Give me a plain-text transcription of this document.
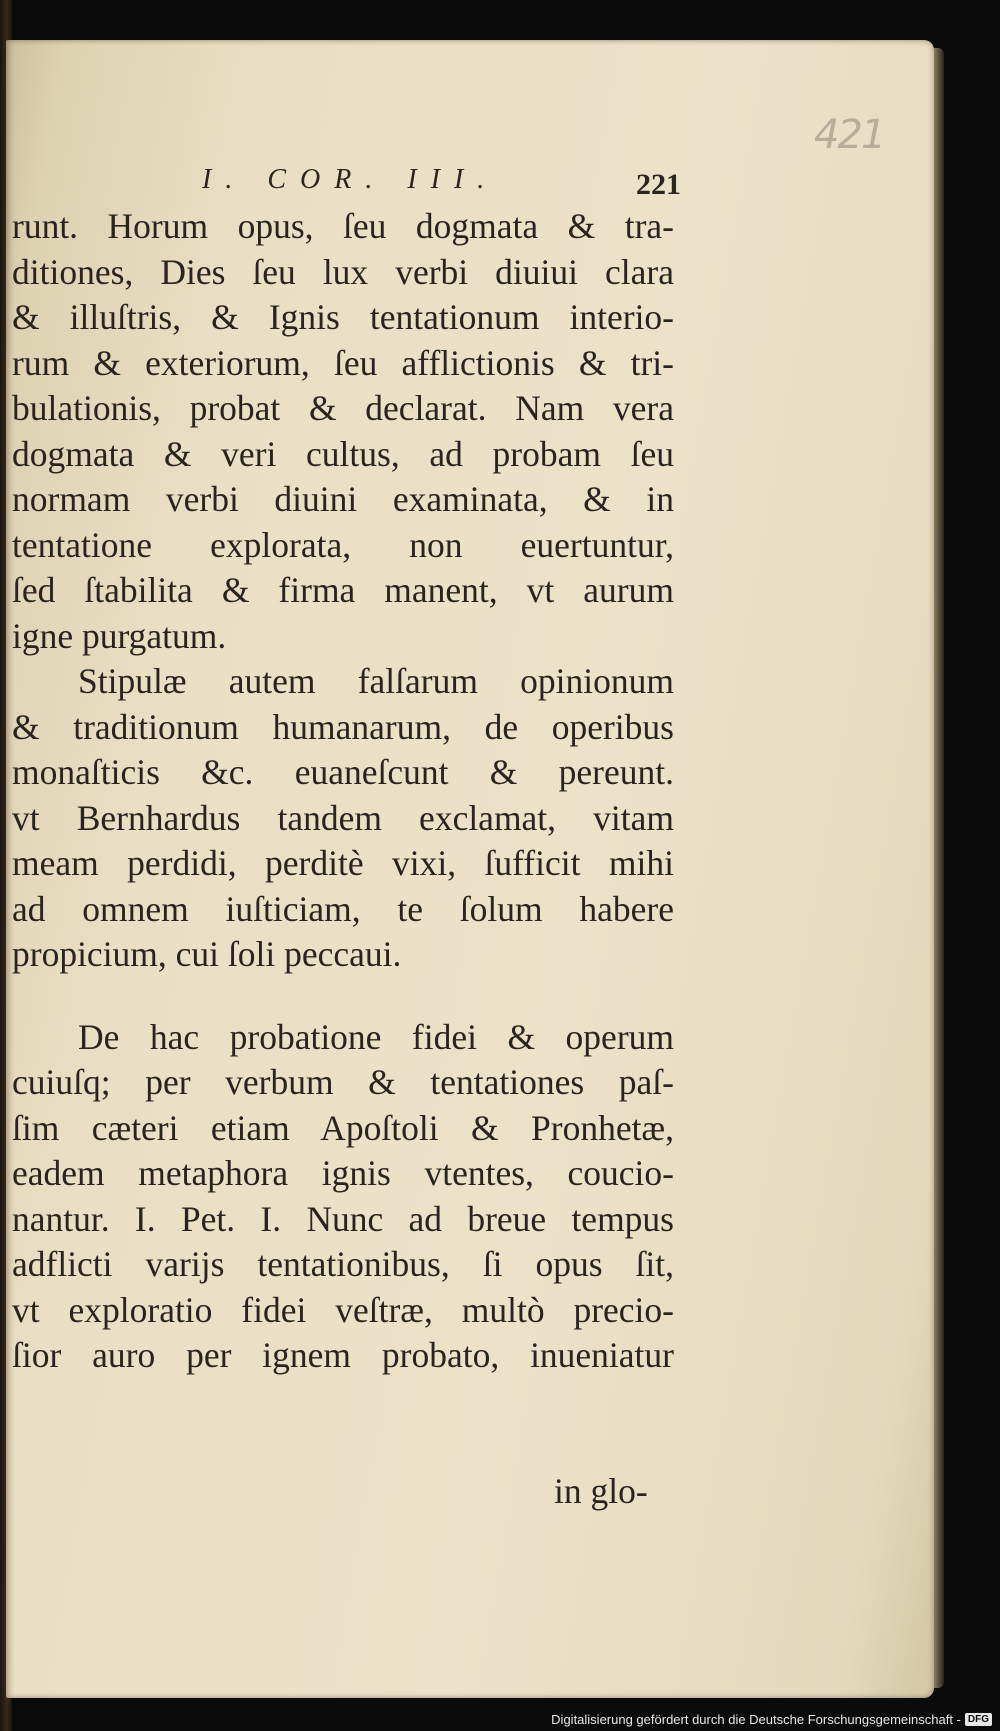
421
I. COR. III.	221
runt. Horum opus, ſeu dogmata & tra-
ditiones, Dies ſeu lux verbi diuiui clara
& illuſtris, & Ignis tentationum interio-
rum & exteriorum, ſeu afflictionis & tri-
bulationis, probat & declarat. Nam vera
dogmata & veri cultus, ad probam ſeu
normam verbi diuini examinata, & in
tentatione explorata, non euertuntur,
ſed ſtabilita & firma manent, vt aurum
igne purgatum.
Stipulæ autem falſarum opinionum
& traditionum humanarum, de operibus
monaſticis &c. euaneſcunt & pereunt.
vt Bernhardus tandem exclamat, vitam
meam perdidi, perditè vixi, ſufficit mihi
ad omnem iuſticiam, te ſolum habere
propicium, cui ſoli peccaui.
De hac probatione fidei & operum
cuiuſq; per verbum & tentationes paſ-
ſim cæteri etiam Apoſtoli & Pronhetæ,
eadem metaphora ignis vtentes, coucio-
nantur. I. Pet. I. Nunc ad breue tempus
adflicti varijs tentationibus, ſi opus ſit,
vt exploratio fidei veſtræ, multò precio-
ſior auro per ignem probato, inueniatur
in glo-
Digitalisierung gefördert durch die Deutsche Forschungsgemeinschaft - DFG
